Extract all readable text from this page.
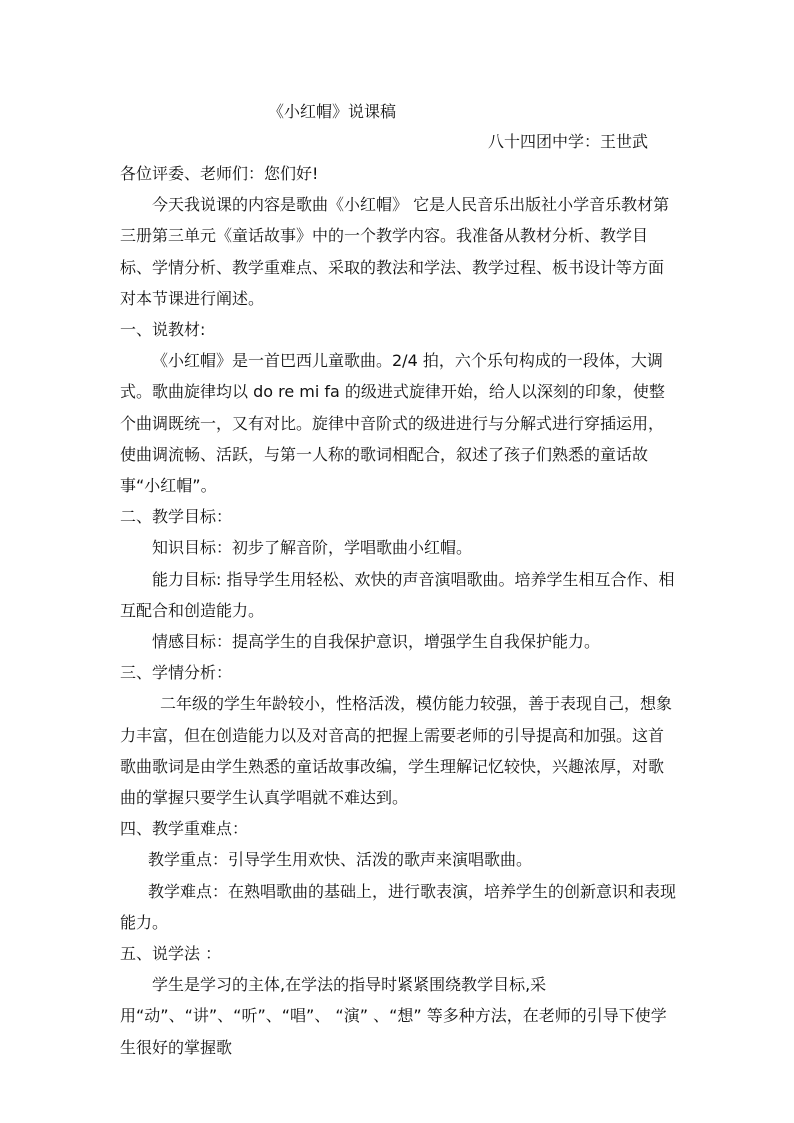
《小红帽》说课稿
八十四团中学：王世武

各位评委、老师们：您们好!

今天我说课的内容是歌曲《小红帽》 它是人民音乐出版社小学音乐教材第三册第三单元《童话故事》中的一个教学内容。我准备从教材分析、教学目标、学情分析、教学重难点、采取的教法和学法、教学过程、板书设计等方面对本节课进行阐述。

一、说教材:

《小红帽》是一首巴西儿童歌曲。2/4 拍，六个乐句构成的一段体，大调式。歌曲旋律均以 do re mi fa 的级进式旋律开始，给人以深刻的印象，使整个曲调既统一，又有对比。旋律中音阶式的级进进行与分解式进行穿插运用，使曲调流畅、活跃，与第一人称的歌词相配合，叙述了孩子们熟悉的童话故事“小红帽”。

二、教学目标：

知识目标：初步了解音阶，学唱歌曲小红帽。

能力目标: 指导学生用轻松、欢快的声音演唱歌曲。培养学生相互合作、相互配合和创造能力。

情感目标：提高学生的自我保护意识，增强学生自我保护能力。

三、学情分析：

二年级的学生年龄较小，性格活泼，模仿能力较强，善于表现自己，想象力丰富，但在创造能力以及对音高的把握上需要老师的引导提高和加强。这首歌曲歌词是由学生熟悉的童话故事改编，学生理解记忆较快，兴趣浓厚，对歌曲的掌握只要学生认真学唱就不难达到。

四、教学重难点：

教学重点：引导学生用欢快、活泼的歌声来演唱歌曲。

教学难点：在熟唱歌曲的基础上，进行歌表演，培养学生的创新意识和表现能力。

五、说学法 ：

学生是学习的主体,在学法的指导时紧紧围绕教学目标,采用“动”、“讲”、“听”、“唱”、 “演” 、“想” 等多种方法，在老师的引导下使学生很好的掌握歌
